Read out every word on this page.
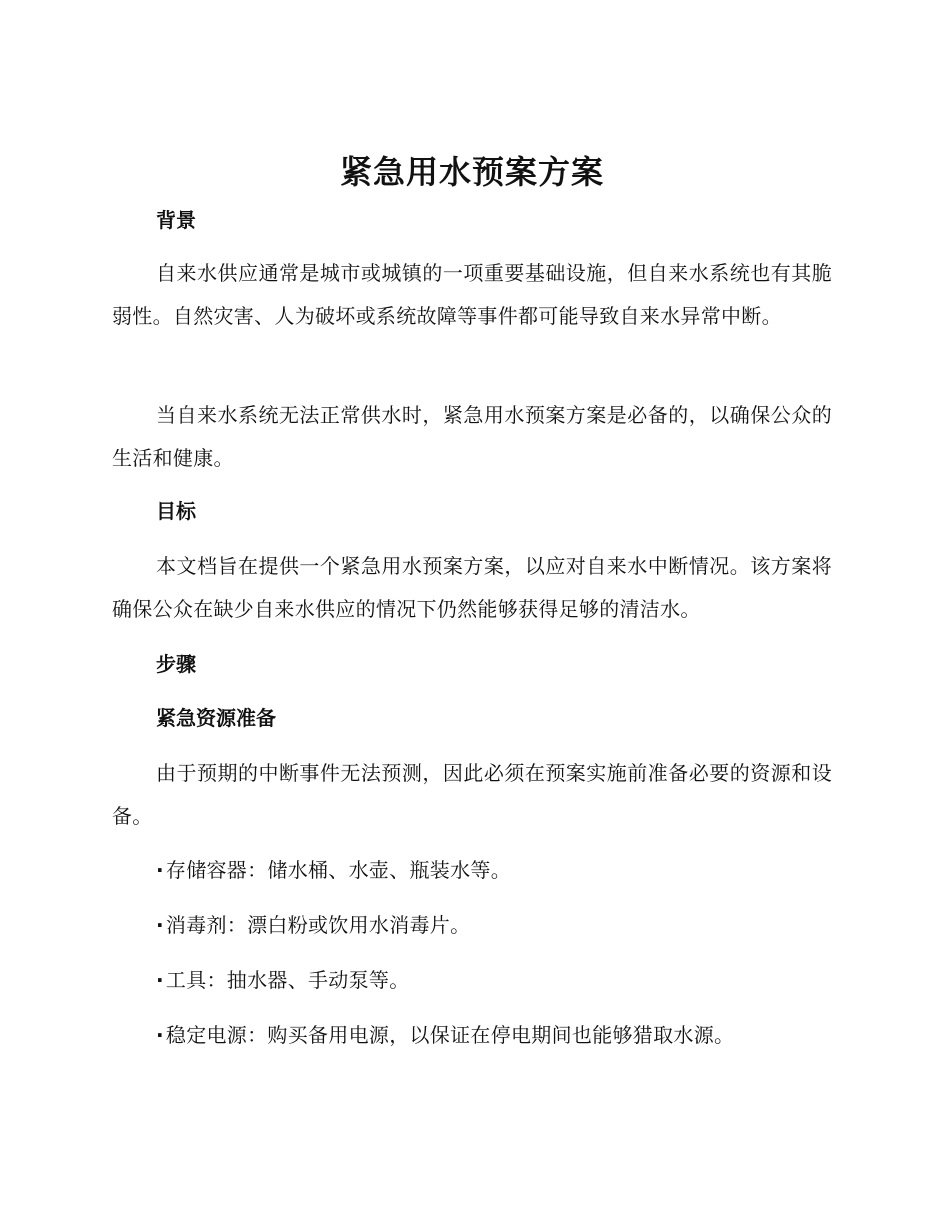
紧急用水预案方案
背景
自来水供应通常是城市或城镇的一项重要基础设施，但自来水系统也有其脆弱性。自然灾害、人为破坏或系统故障等事件都可能导致自来水异常中断。
当自来水系统无法正常供水时，紧急用水预案方案是必备的，以确保公众的生活和健康。
目标
本文档旨在提供一个紧急用水预案方案，以应对自来水中断情况。该方案将确保公众在缺少自来水供应的情况下仍然能够获得足够的清洁水。
步骤
紧急资源准备
由于预期的中断事件无法预测，因此必须在预案实施前准备必要的资源和设备。
· 存储容器：储水桶、水壶、瓶装水等。
· 消毒剂：漂白粉或饮用水消毒片。
· 工具：抽水器、手动泵等。
· 稳定电源：购买备用电源，以保证在停电期间也能够猎取水源。
